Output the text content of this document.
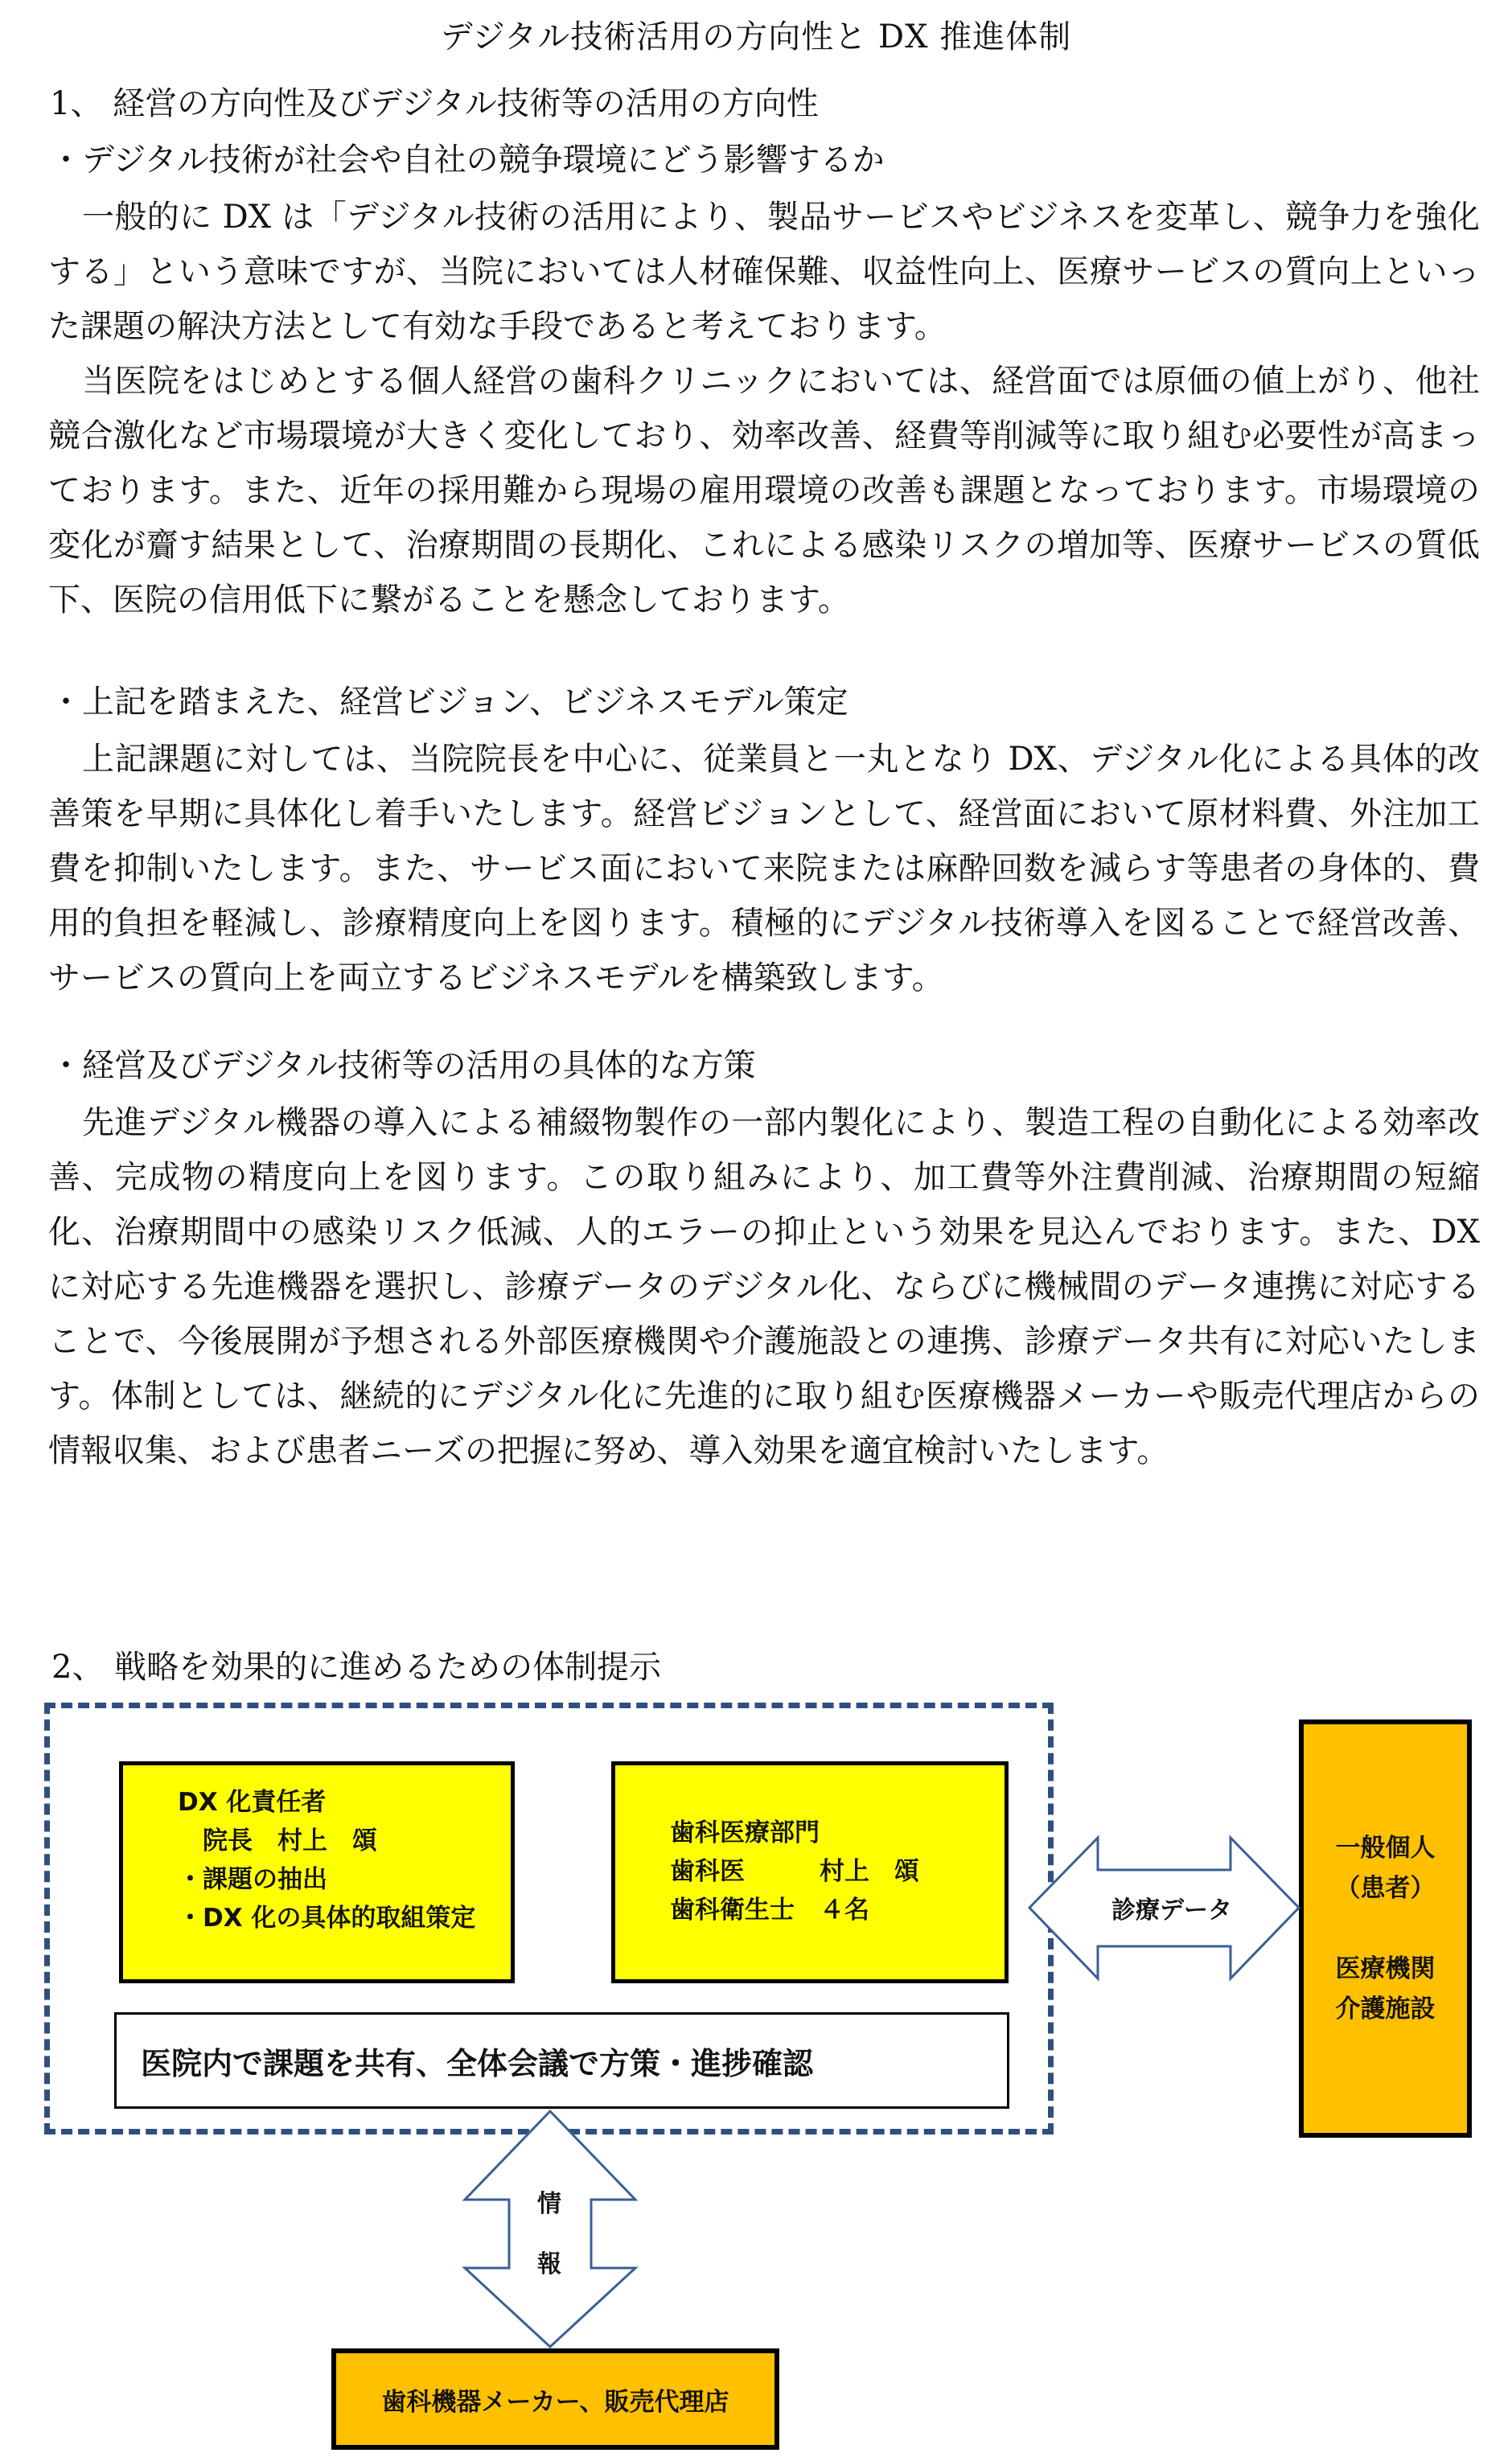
デジタル技術活用の方向性と DX 推進体制
1、 経営の方向性及びデジタル技術等の活用の方向性
・デジタル技術が社会や自社の競争環境にどう影響するか

一般的に DX は「デジタル技術の活用により、製品サービスやビジネスを変革し、競争力を強化する」という意味ですが、当院においては人材確保難、収益性向上、医療サービスの質向上といった課題の解決方法として有効な手段であると考えております。

当医院をはじめとする個人経営の歯科クリニックにおいては、経営面では原価の値上がり、他社競合激化など市場環境が大きく変化しており、効率改善、経費等削減等に取り組む必要性が高まっております。また、近年の採用難から現場の雇用環境の改善も課題となっております。市場環境の変化が齎す結果として、治療期間の長期化、これによる感染リスクの増加等、医療サービスの質低下、医院の信用低下に繋がることを懸念しております。

・上記を踏まえた、経営ビジョン、ビジネスモデル策定

上記課題に対しては、当院院長を中心に、従業員と一丸となり DX、デジタル化による具体的改善策を早期に具体化し着手いたします。経営ビジョンとして、経営面において原材料費、外注加工費を抑制いたします。また、サービス面において来院または麻酔回数を減らす等患者の身体的、費用的負担を軽減し、診療精度向上を図ります。積極的にデジタル技術導入を図ることで経営改善、サービスの質向上を両立するビジネスモデルを構築致します。

・経営及びデジタル技術等の活用の具体的な方策

先進デジタル機器の導入による補綴物製作の一部内製化により、製造工程の自動化による効率改善、完成物の精度向上を図ります。この取り組みにより、加工費等外注費削減、治療期間の短縮化、治療期間中の感染リスク低減、人的エラーの抑止という効果を見込んでおります。また、DX に対応する先進機器を選択し、診療データのデジタル化、ならびに機械間のデータ連携に対応することで、今後展開が予想される外部医療機関や介護施設との連携、診療データ共有に対応いたします。体制としては、継続的にデジタル化に先進的に取り組む医療機器メーカーや販売代理店からの情報収集、および患者ニーズの把握に努め、導入効果を適宜検討いたします。

2、 戦略を効果的に進めるための体制提示
DX 化責任者
　院長　村上　頌
・課題の抽出
・DX 化の具体的取組策定
歯科医療部門
歯科医　　　村上　頌
歯科衛生士　４名
医院内で課題を共有、全体会議で方策・進捗確認
一般個人
（患者）
医療機関
介護施設
歯科機器メーカー、販売代理店
診療データ
情
報
